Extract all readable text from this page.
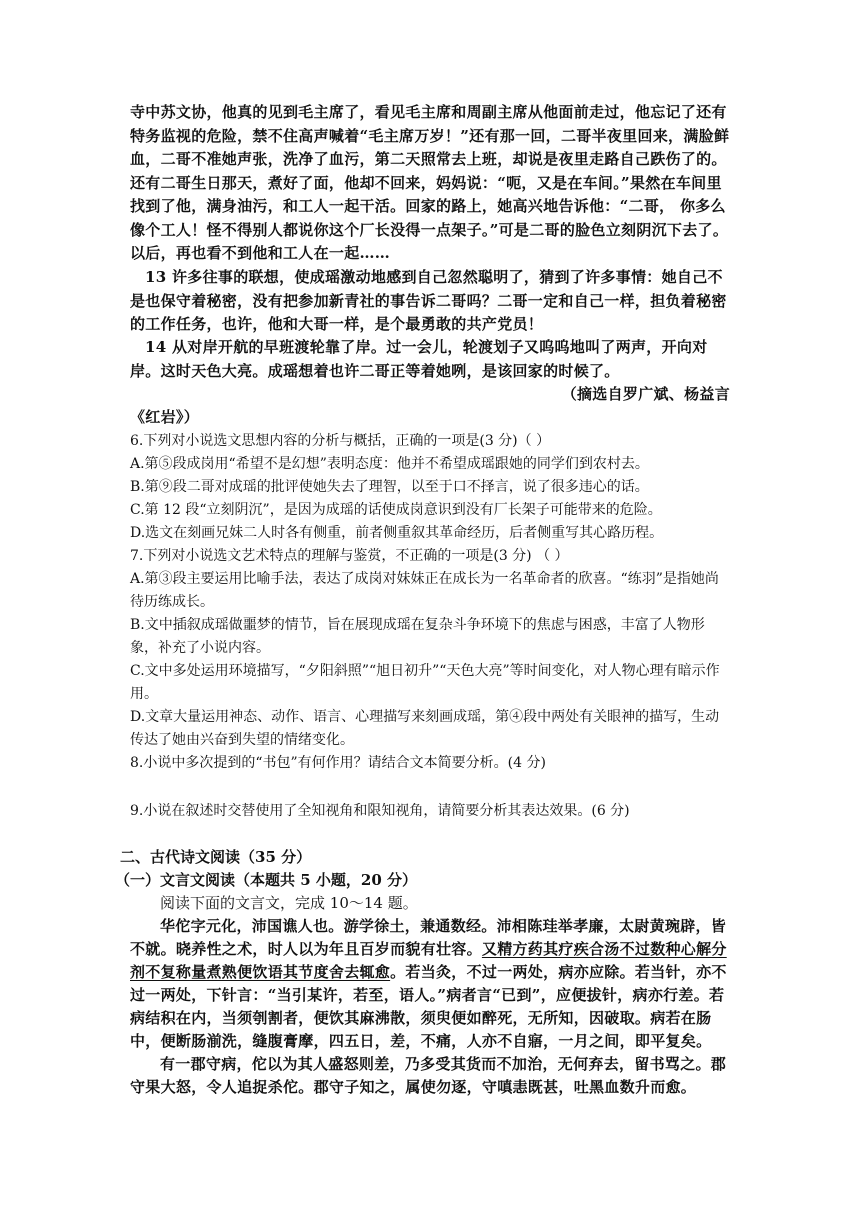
寺中苏文协，他真的见到毛主席了，看见毛主席和周副主席从他面前走过，他忘记了还有特务监视的危险，禁不住高声喊着“毛主席万岁！”还有那一回，二哥半夜里回来，满脸鲜血，二哥不准她声张，洗净了血污，第二天照常去上班，却说是夜里走路自己跌伤了的。还有二哥生日那天，煮好了面，他却不回来，妈妈说：“呃，又是在车间。”果然在车间里找到了他，满身油污，和工人一起干活。回家的路上，她高兴地告诉他：“二哥， 你多么像个工人！怪不得别人都说你这个厂长没得一点架子。”可是二哥的脸色立刻阴沉下去了。以后，再也看不到他和工人在一起……

13 许多往事的联想，使成瑶激动地感到自己忽然聪明了，猜到了许多事情：她自己不是也保守着秘密，没有把参加新青社的事告诉二哥吗？二哥一定和自己一样，担负着秘密的工作任务，也许，他和大哥一样，是个最勇敢的共产党员！

14 从对岸开航的早班渡轮靠了岸。过一会儿，轮渡划子又呜呜地叫了两声，开向对岸。这时天色大亮。成瑶想着也许二哥正等着她咧，是该回家的时候了。

（摘选自罗广斌、杨益言

《红岩》）

6.下列对小说选文思想内容的分析与概括，正确的一项是(3 分)（ ）

A.第⑤段成岗用“希望不是幻想”表明态度：他并不希望成瑶跟她的同学们到农村去。

B.第⑨段二哥对成瑶的批评使她失去了理智，以至于口不择言，说了很多违心的话。

C.第 12 段“立刻阴沉”，是因为成瑶的话使成岗意识到没有厂长架子可能带来的危险。

D.选文在刻画兄妹二人时各有侧重，前者侧重叙其革命经历，后者侧重写其心路历程。

7.下列对小说选文艺术特点的理解与鉴赏，不正确的一项是(3 分) （ ）

A.第③段主要运用比喻手法，表达了成岗对妹妹正在成长为一名革命者的欣喜。“练羽”是指她尚待历练成长。

B.文中插叙成瑶做噩梦的情节，旨在展现成瑶在复杂斗争环境下的焦虑与困惑，丰富了人物形象，补充了小说内容。

C.文中多处运用环境描写，“夕阳斜照”“旭日初升”“天色大亮”等时间变化，对人物心理有暗示作用。

D.文章大量运用神态、动作、语言、心理描写来刻画成瑶，第④段中两处有关眼神的描写，生动传达了她由兴奋到失望的情绪变化。

8.小说中多次提到的“书包”有何作用？请结合文本简要分析。(4 分)

9.小说在叙述时交替使用了全知视角和限知视角，请简要分析其表达效果。(6 分)

二、古代诗文阅读（35 分）

（一）文言文阅读（本题共 5 小题，20 分）

阅读下面的文言文，完成 10～14 题。

华佗字元化，沛国谯人也。游学徐土，兼通数经。沛相陈珪举孝廉，太尉黄琬辟，皆不就。晓养性之术，时人以为年且百岁而貌有壮容。又精方药其疗疾合汤不过数种心解分剂不复称量煮熟便饮语其节度舍去辄愈。若当灸，不过一两处，病亦应除。若当针，亦不过一两处，下针言：“当引某许，若至，语人。”病者言“已到”，应便拔针，病亦行差。若病结积在内，当须刳割者，便饮其麻沸散，须臾便如醉死，无所知，因破取。病若在肠中，便断肠湔洗，缝腹膏摩，四五日，差，不痛，人亦不自寤，一月之间，即平复矣。

有一郡守病，佗以为其人盛怒则差，乃多受其货而不加治，无何弃去，留书骂之。郡守果大怒，令人追捉杀佗。郡守子知之，属使勿逐，守嗔恚既甚，吐黑血数升而愈。
